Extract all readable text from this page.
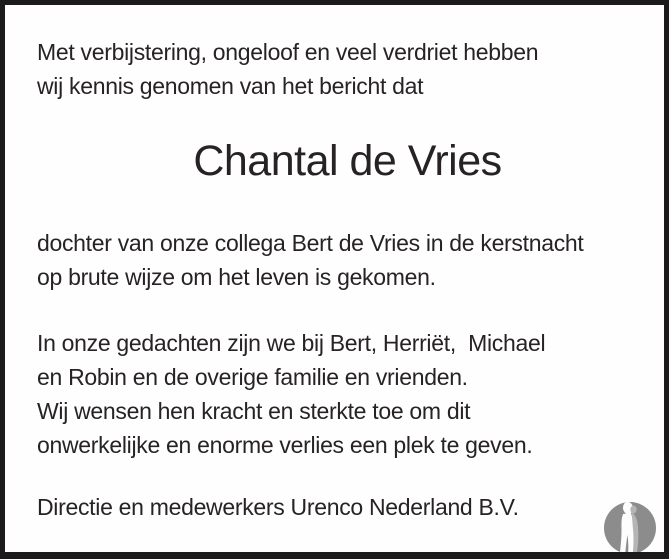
Met verbijstering, ongeloof en veel verdriet hebben
wij kennis genomen van het bericht dat
Chantal de Vries
dochter van onze collega Bert de Vries in de kerstnacht
op brute wijze om het leven is gekomen.
In onze gedachten zijn we bij Bert, Herriët,  Michael
en Robin en de overige familie en vrienden.
Wij wensen hen kracht en sterkte toe om dit
onwerkelijke en enorme verlies een plek te geven.
Directie en medewerkers Urenco Nederland B.V.
